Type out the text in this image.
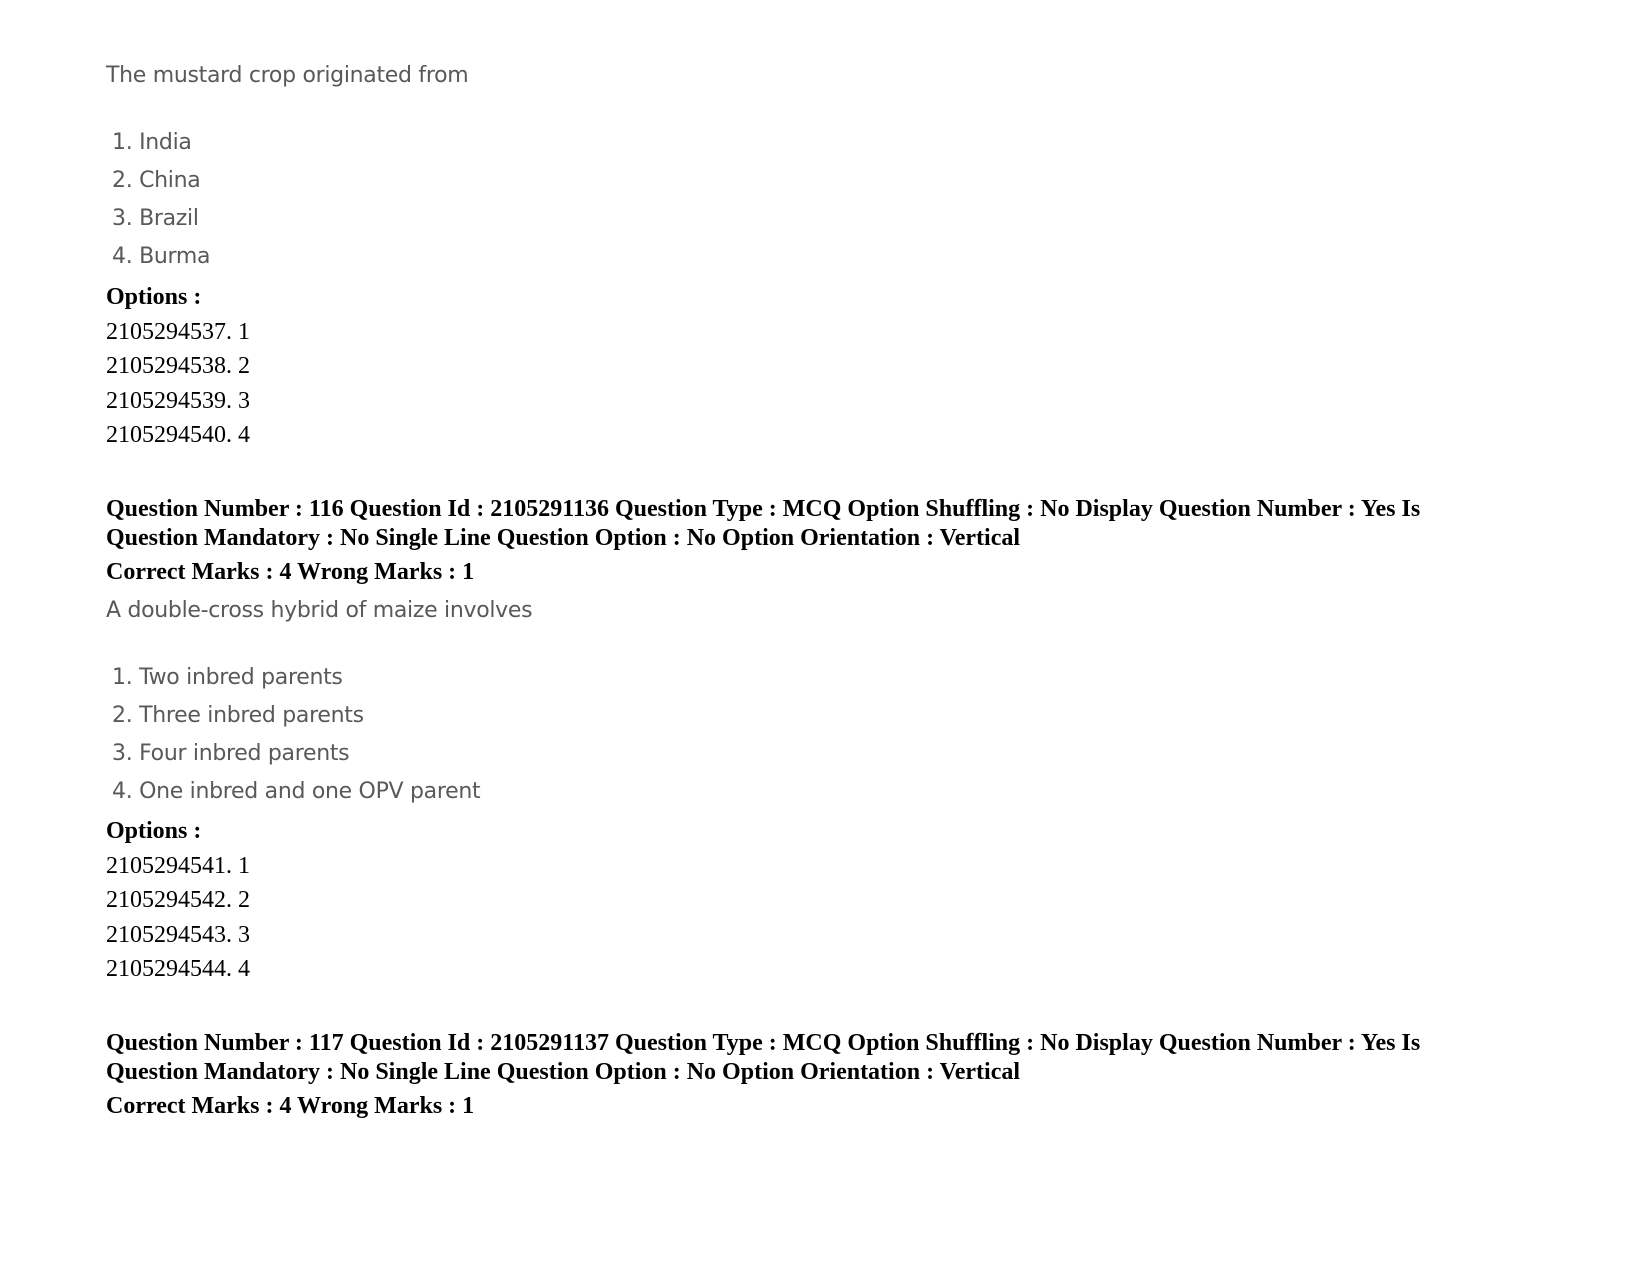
The mustard crop originated from
1. India
2. China
3. Brazil
4. Burma
Options :
2105294537. 1
2105294538. 2
2105294539. 3
2105294540. 4
Question Number : 116 Question Id : 2105291136 Question Type : MCQ Option Shuffling : No Display Question Number : Yes Is
Question Mandatory : No Single Line Question Option : No Option Orientation : Vertical
Correct Marks : 4 Wrong Marks : 1
A double-cross hybrid of maize involves
1. Two inbred parents
2. Three inbred parents
3. Four inbred parents
4. One inbred and one OPV parent
Options :
2105294541. 1
2105294542. 2
2105294543. 3
2105294544. 4
Question Number : 117 Question Id : 2105291137 Question Type : MCQ Option Shuffling : No Display Question Number : Yes Is
Question Mandatory : No Single Line Question Option : No Option Orientation : Vertical
Correct Marks : 4 Wrong Marks : 1
